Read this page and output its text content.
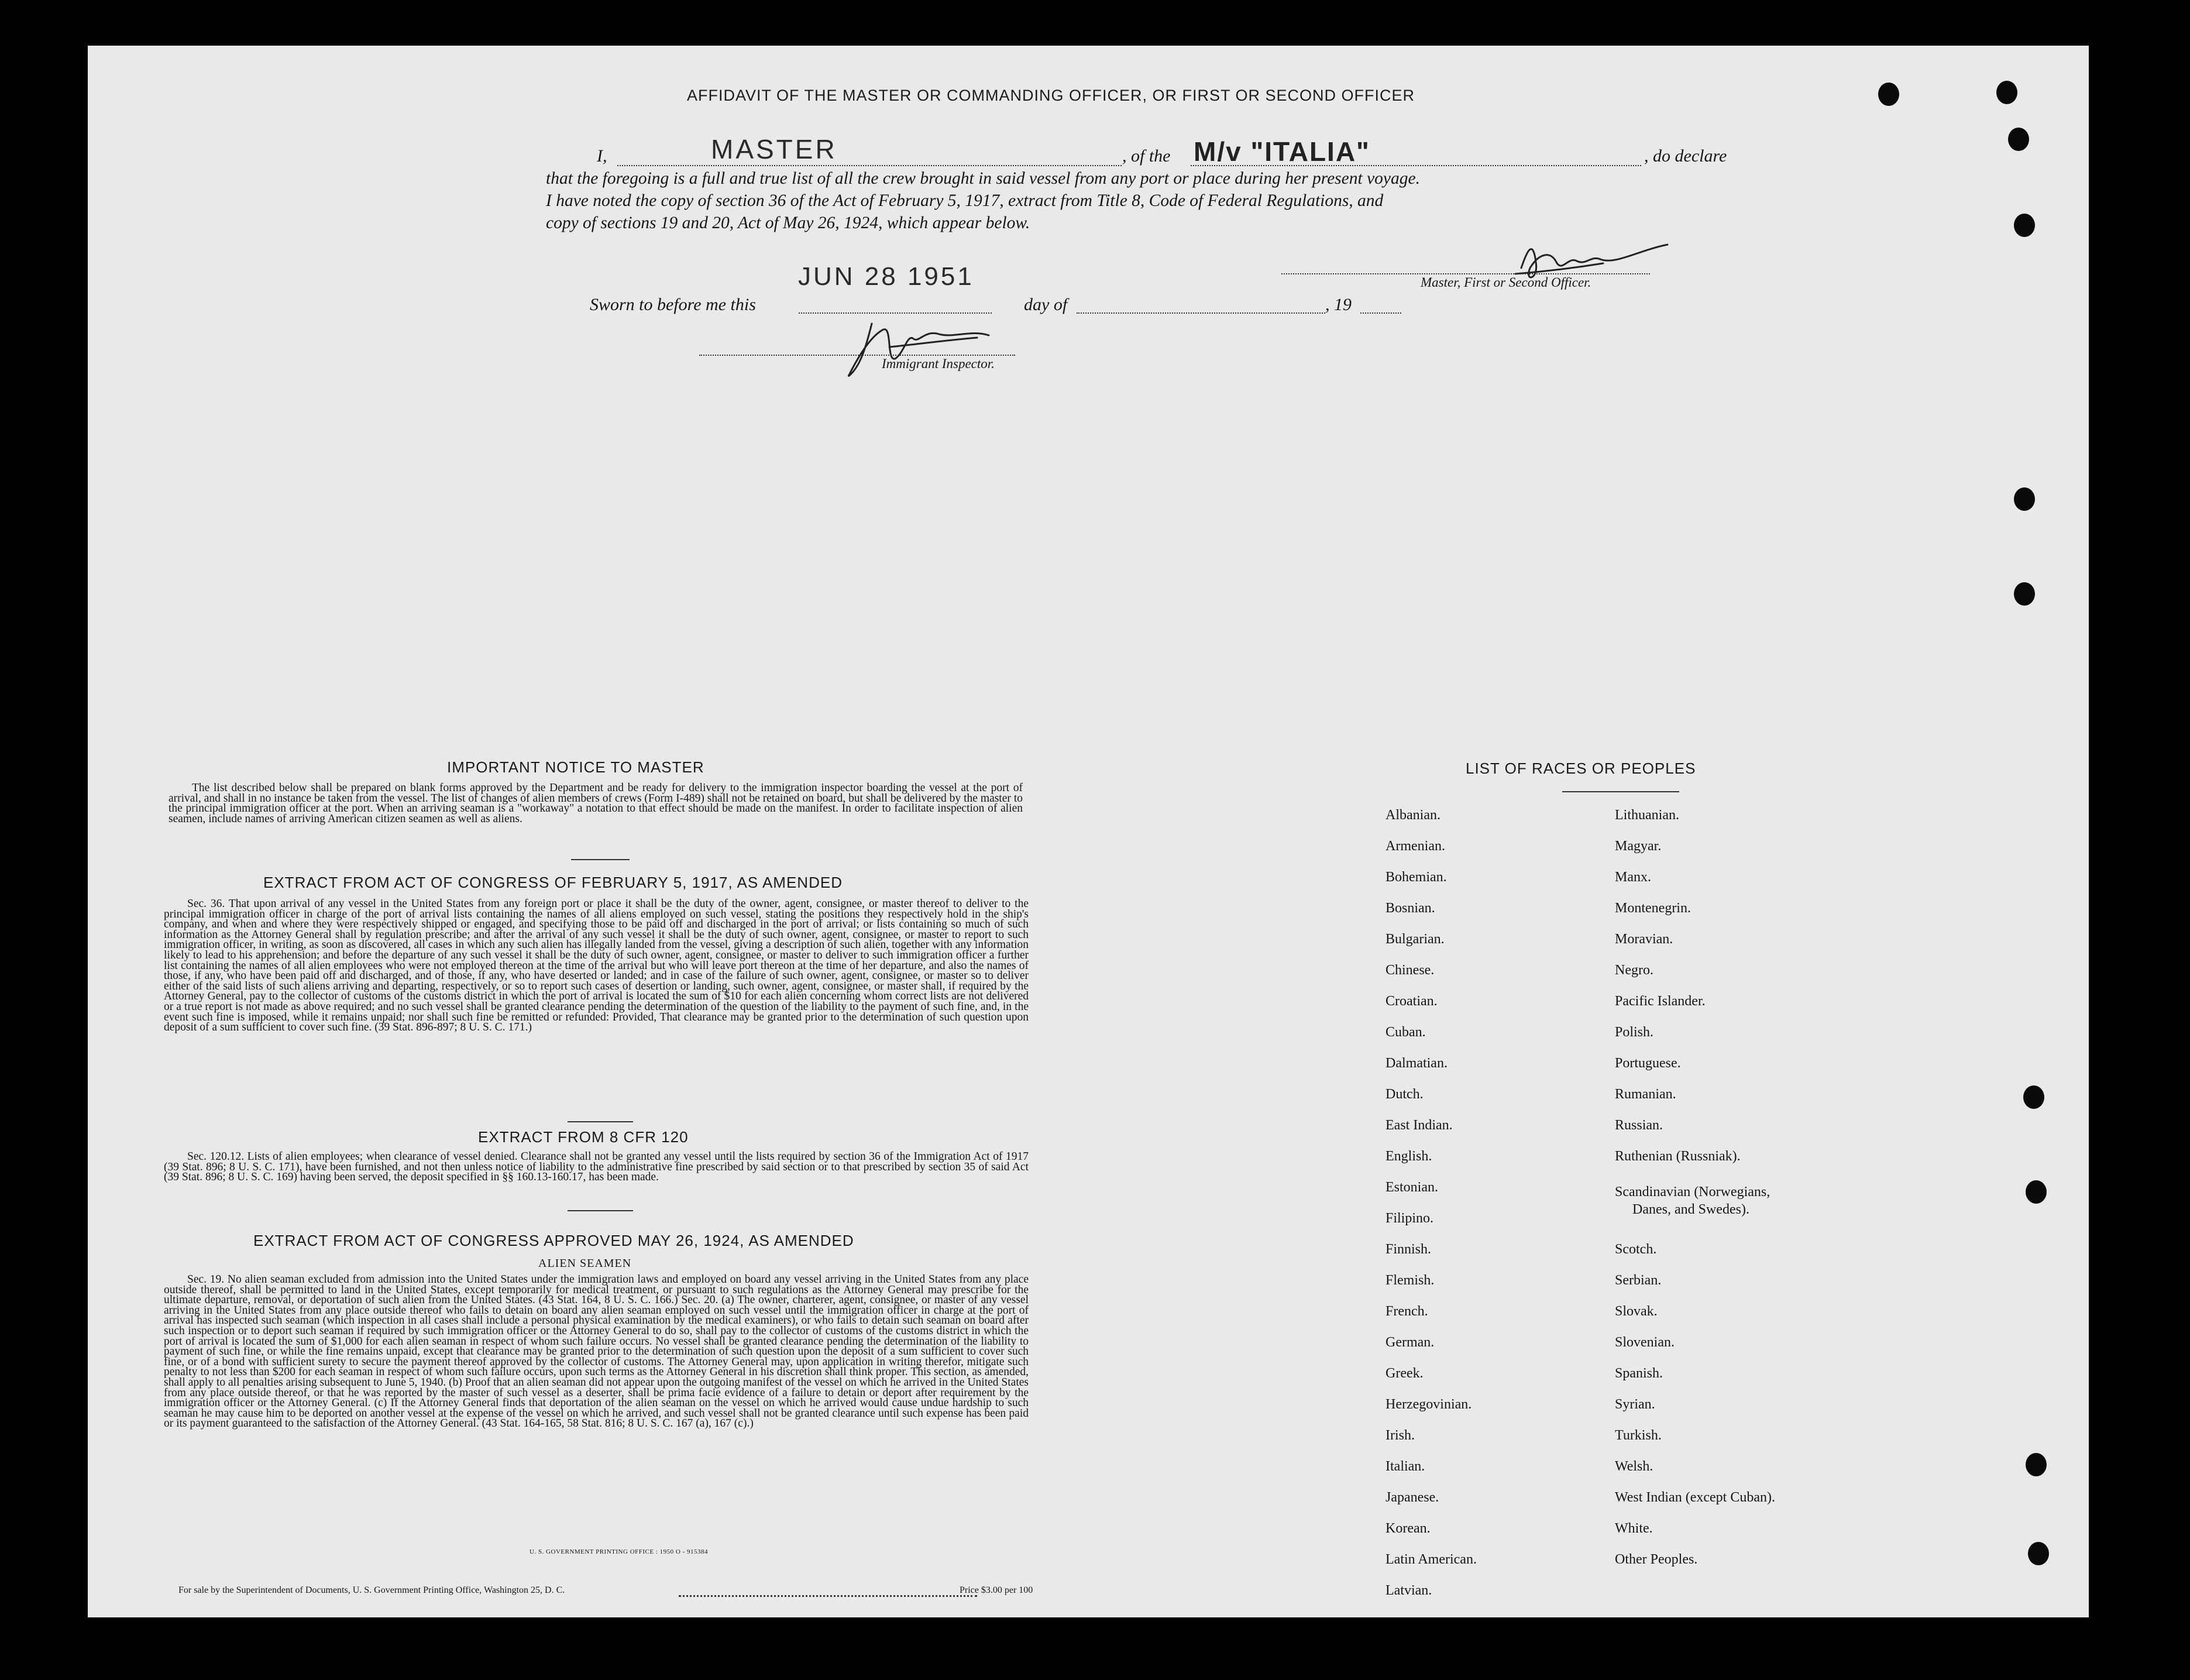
AFFIDAVIT OF THE MASTER OR COMMANDING OFFICER, OR FIRST OR SECOND OFFICER
I,	MASTER	, of the M/v "ITALIA"	, do declare
that the foregoing is a full and true list of all the crew brought in said vessel from any port or place during her present voyage.
I have noted the copy of section 36 of the Act of February 5, 1917, extract from Title 8, Code of Federal Regulations, and
copy of sections 19 and 20, Act of May 26, 1924, which appear below.
Master, First or Second Officer.
JUN 28 1951
Sworn to before me this	day of	, 19
Immigrant Inspector.
IMPORTANT NOTICE TO MASTER
The list described below shall be prepared on blank forms approved by the Department and be ready for delivery to the immigration inspector boarding the vessel at the port of arrival, and shall in no instance be taken from the vessel. The list of changes of alien members of crews (Form I-489) shall not be retained on board, but shall be delivered by the master to the principal immigration officer at the port. When an arriving seaman is a "workaway" a notation to that effect should be made on the manifest. In order to facilitate inspection of alien seamen, include names of arriving American citizen seamen as well as aliens.
EXTRACT FROM ACT OF CONGRESS OF FEBRUARY 5, 1917, AS AMENDED
Sec. 36. That upon arrival of any vessel in the United States from any foreign port or place it shall be the duty of the owner, agent, consignee, or master thereof to deliver to the principal immigration officer in charge of the port of arrival lists containing the names of all aliens employed on such vessel, stating the positions they respectively hold in the ship's company, and when and where they were respectively shipped or engaged, and specifying those to be paid off and discharged in the port of arrival; or lists containing so much of such information as the Attorney General shall by regulation prescribe; and after the arrival of any such vessel it shall be the duty of such owner, agent, consignee, or master to report to such immigration officer, in writing, as soon as discovered, all cases in which any such alien has illegally landed from the vessel, giving a description of such alien, together with any information likely to lead to his apprehension; and before the departure of any such vessel it shall be the duty of such owner, agent, consignee, or master to deliver to such immigration officer a further list containing the names of all alien employees who were not employed thereon at the time of the arrival but who will leave port thereon at the time of her departure, and also the names of those, if any, who have been paid off and discharged, and of those, if any, who have deserted or landed; and in case of the failure of such owner, agent, consignee, or master so to deliver either of the said lists of such aliens arriving and departing, respectively, or so to report such cases of desertion or landing, such owner, agent, consignee, or master shall, if required by the Attorney General, pay to the collector of customs of the customs district in which the port of arrival is located the sum of $10 for each alien concerning whom correct lists are not delivered or a true report is not made as above required; and no such vessel shall be granted clearance pending the determination of the question of the liability to the payment of such fine, and, in the event such fine is imposed, while it remains unpaid; nor shall such fine be remitted or refunded: Provided, That clearance may be granted prior to the determination of such question upon deposit of a sum sufficient to cover such fine. (39 Stat. 896-897; 8 U. S. C. 171.)
EXTRACT FROM 8 CFR 120
Sec. 120.12. Lists of alien employees; when clearance of vessel denied. Clearance shall not be granted any vessel until the lists required by section 36 of the Immigration Act of 1917 (39 Stat. 896; 8 U. S. C. 171), have been furnished, and not then unless notice of liability to the administrative fine prescribed by said section or to that prescribed by section 35 of said Act (39 Stat. 896; 8 U. S. C. 169) having been served, the deposit specified in §§ 160.13-160.17, has been made.
EXTRACT FROM ACT OF CONGRESS APPROVED MAY 26, 1924, AS AMENDED
ALIEN SEAMEN
Sec. 19. No alien seaman excluded from admission into the United States under the immigration laws and employed on board any vessel arriving in the United States from any place outside thereof, shall be permitted to land in the United States, except temporarily for medical treatment, or pursuant to such regulations as the Attorney General may prescribe for the ultimate departure, removal, or deportation of such alien from the United States. (43 Stat. 164, 8 U. S. C. 166.) Sec. 20. (a) The owner, charterer, agent, consignee, or master of any vessel arriving in the United States from any place outside thereof who fails to detain on board any alien seaman employed on such vessel until the immigration officer in charge at the port of arrival has inspected such seaman (which inspection in all cases shall include a personal physical examination by the medical examiners), or who fails to detain such seaman on board after such inspection or to deport such seaman if required by such immigration officer or the Attorney General to do so, shall pay to the collector of customs of the customs district in which the port of arrival is located the sum of $1,000 for each alien seaman in respect of whom such failure occurs. No vessel shall be granted clearance pending the determination of the liability to payment of such fine, or while the fine remains unpaid, except that clearance may be granted prior to the determination of such question upon the deposit of a sum sufficient to cover such fine, or of a bond with sufficient surety to secure the payment thereof approved by the collector of customs. The Attorney General may, upon application in writing therefor, mitigate such penalty to not less than $200 for each seaman in respect of whom such failure occurs, upon such terms as the Attorney General in his discretion shall think proper. This section, as amended, shall apply to all penalties arising subsequent to June 5, 1940. (b) Proof that an alien seaman did not appear upon the outgoing manifest of the vessel on which he arrived in the United States from any place outside thereof, or that he was reported by the master of such vessel as a deserter, shall be prima facie evidence of a failure to detain or deport after requirement by the immigration officer or the Attorney General. (c) If the Attorney General finds that deportation of the alien seaman on the vessel on which he arrived would cause undue hardship to such seaman he may cause him to be deported on another vessel at the expense of the vessel on which he arrived, and such vessel shall not be granted clearance until such expense has been paid or its payment guaranteed to the satisfaction of the Attorney General. (43 Stat. 164-165, 58 Stat. 816; 8 U. S. C. 167 (a), 167 (c).)
U. S. GOVERNMENT PRINTING OFFICE : 1950 O - 915384
For sale by the Superintendent of Documents, U. S. Government Printing Office, Washington 25, D. C.	Price $3.00 per 100
LIST OF RACES OR PEOPLES
Albanian.
Armenian.
Bohemian.
Bosnian.
Bulgarian.
Chinese.
Croatian.
Cuban.
Dalmatian.
Dutch.
East Indian.
English.
Estonian.
Filipino.
Finnish.
Flemish.
French.
German.
Greek.
Herzegovinian.
Irish.
Italian.
Japanese.
Korean.
Latin American.
Latvian.
Lithuanian.
Magyar.
Manx.
Montenegrin.
Moravian.
Negro.
Pacific Islander.
Polish.
Portuguese.
Rumanian.
Russian.
Ruthenian (Russniak).
Scandinavian (Norwegians,
Danes, and Swedes).
Scotch.
Serbian.
Slovak.
Slovenian.
Spanish.
Syrian.
Turkish.
Welsh.
West Indian (except Cuban).
White.
Other Peoples.
